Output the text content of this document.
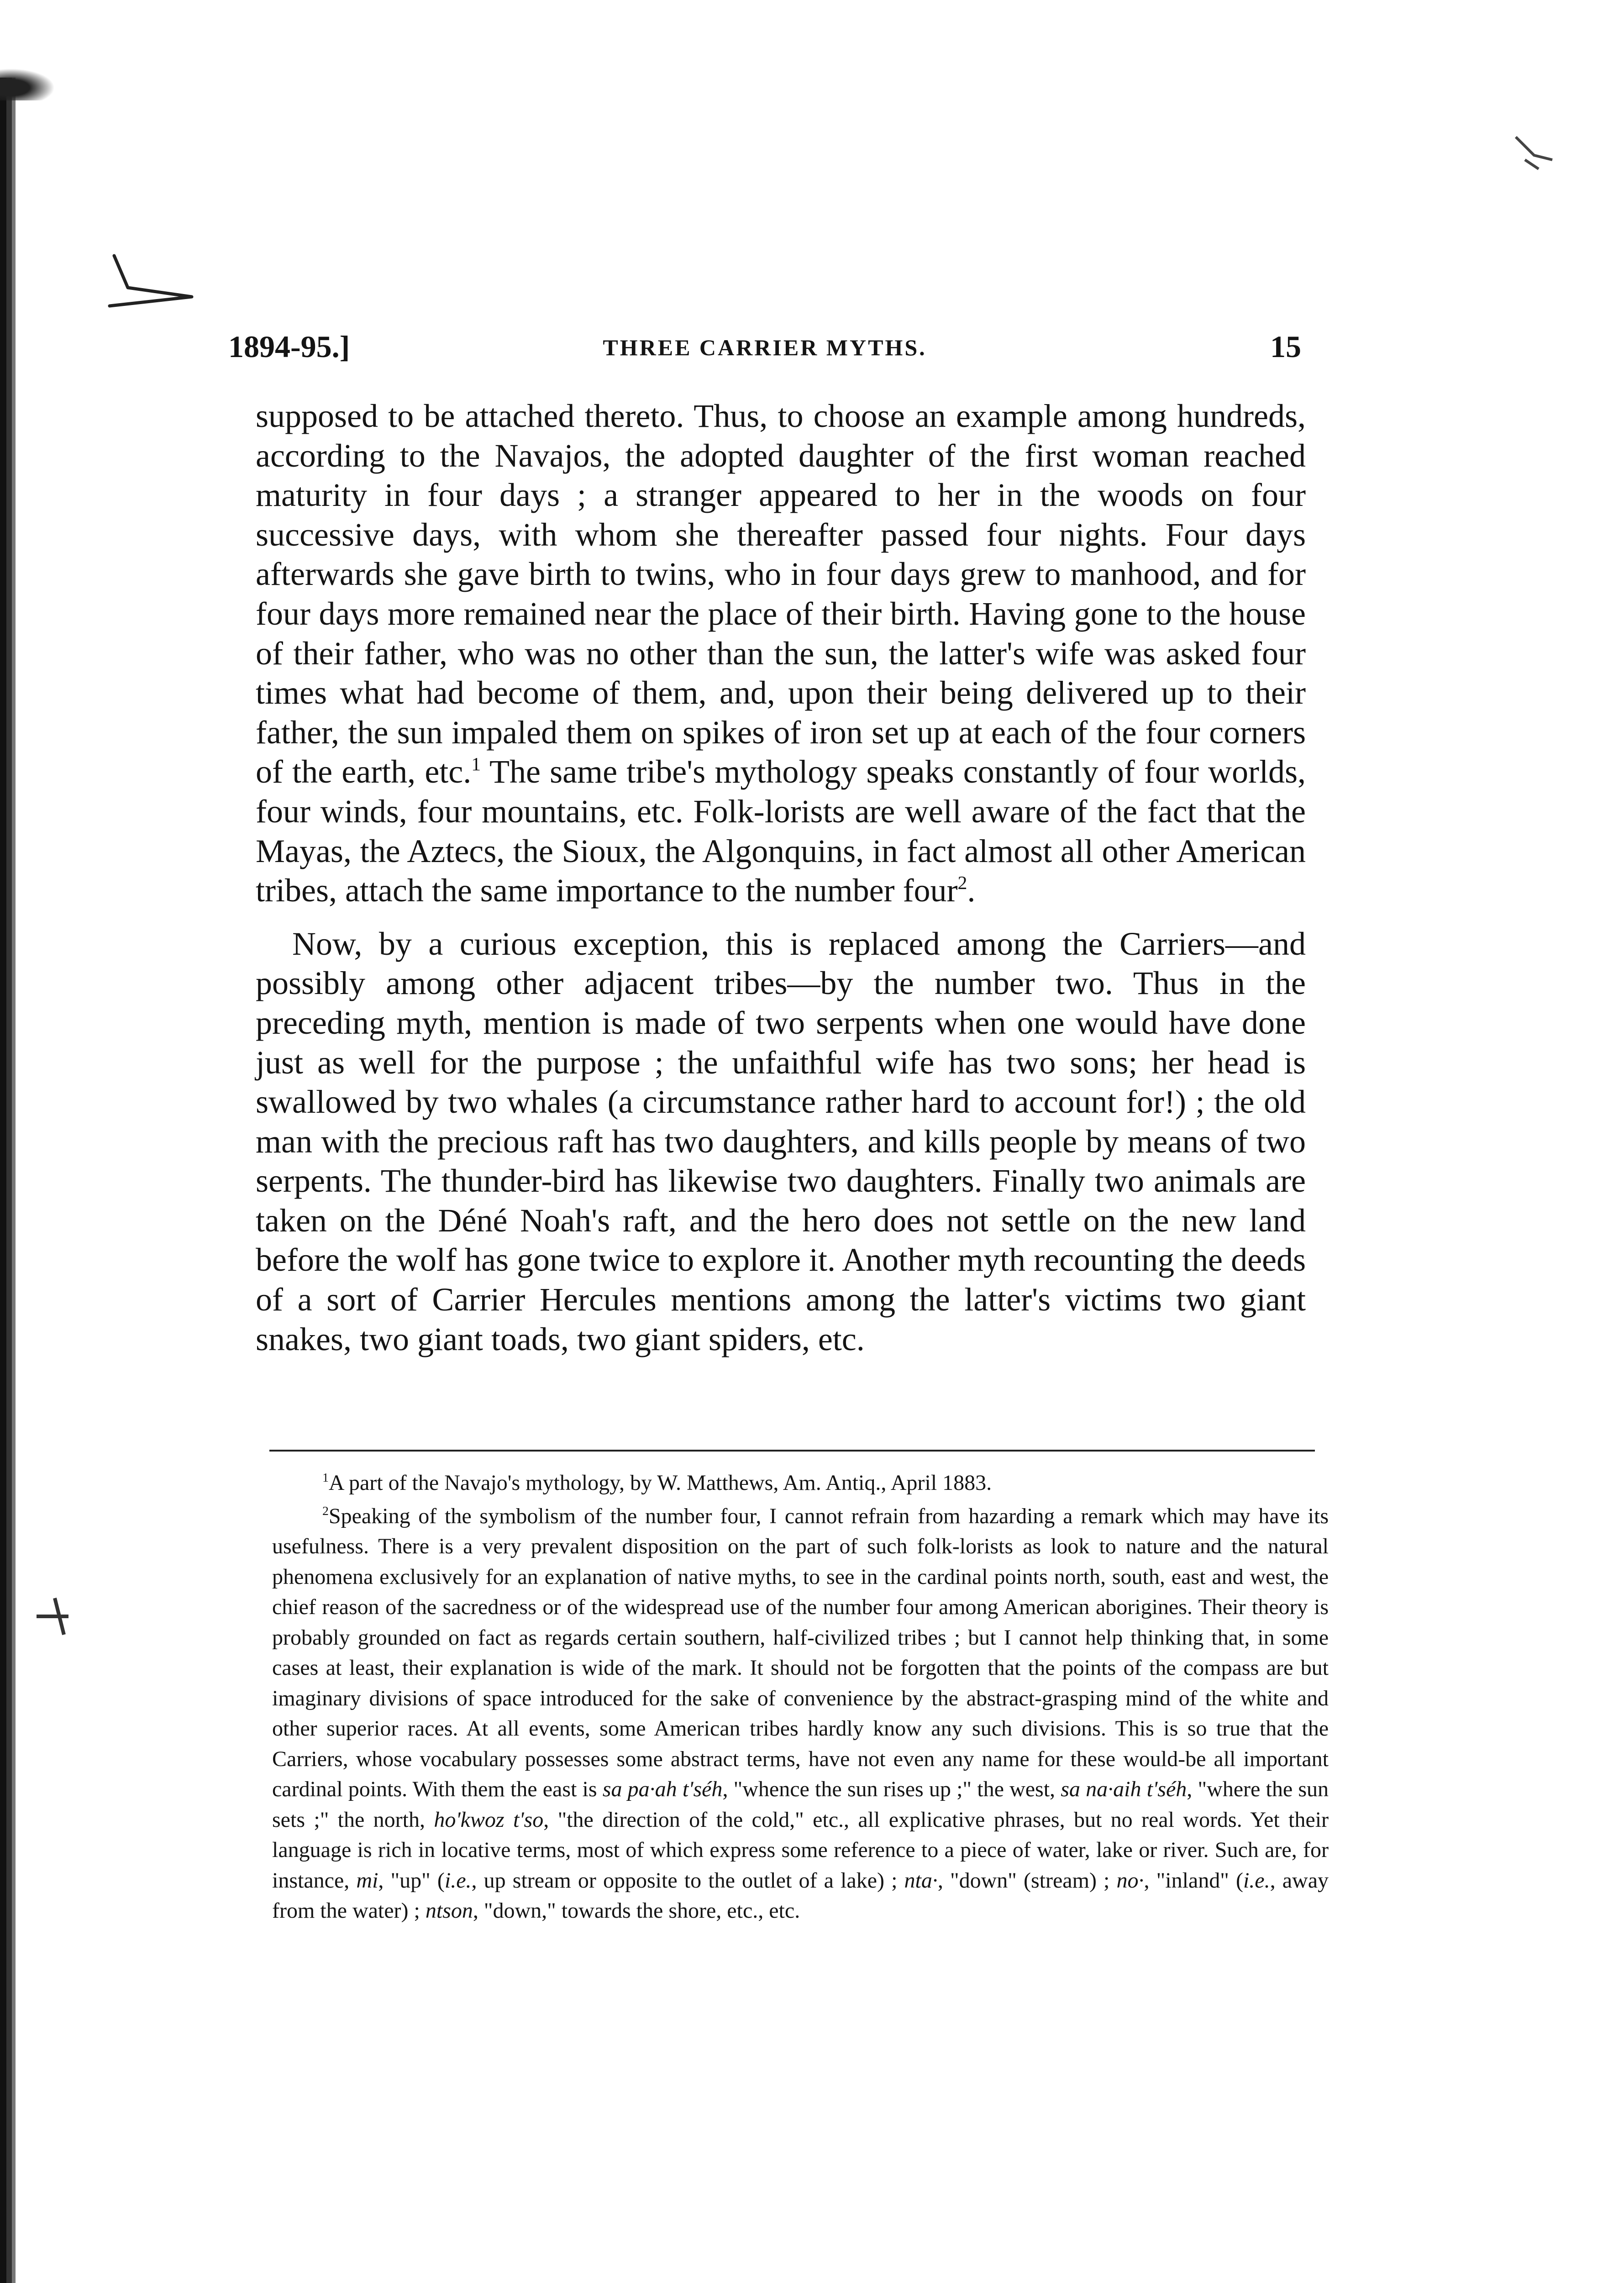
1894-95.]	THREE CARRIER MYTHS.	15

supposed to be attached thereto. Thus, to choose an example among hundreds, according to the Navajos, the adopted daughter of the first woman reached maturity in four days ; a stranger appeared to her in the woods on four successive days, with whom she thereafter passed four nights. Four days afterwards she gave birth to twins, who in four days grew to manhood, and for four days more remained near the place of their birth. Having gone to the house of their father, who was no other than the sun, the latter's wife was asked four times what had become of them, and, upon their being delivered up to their father, the sun impaled them on spikes of iron set up at each of the four corners of the earth, etc.$^1$ The same tribe's mythology speaks constantly of four worlds, four winds, four mountains, etc. Folk-lorists are well aware of the fact that the Mayas, the Aztecs, the Sioux, the Algonquins, in fact almost all other American tribes, attach the same importance to the number four$^2$.

Now, by a curious exception, this is replaced among the Carriers—and possibly among other adjacent tribes—by the number two. Thus in the preceding myth, mention is made of two serpents when one would have done just as well for the purpose ; the unfaithful wife has two sons; her head is swallowed by two whales (a circumstance rather hard to account for!) ; the old man with the precious raft has two daughters, and kills people by means of two serpents. The thunder-bird has likewise two daughters. Finally two animals are taken on the Déné Noah's raft, and the hero does not settle on the new land before the wolf has gone twice to explore it. Another myth recounting the deeds of a sort of Carrier Hercules mentions among the latter's victims two giant snakes, two giant toads, two giant spiders, etc.

$^1$A part of the Navajo's mythology, by W. Matthews, Am. Antiq., April 1883.

$^2$Speaking of the symbolism of the number four, I cannot refrain from hazarding a remark which may have its usefulness. There is a very prevalent disposition on the part of such folk-lorists as look to nature and the natural phenomena exclusively for an explanation of native myths, to see in the cardinal points north, south, east and west, the chief reason of the sacredness or of the widespread use of the number four among American aborigines. Their theory is probably grounded on fact as regards certain southern, half-civilized tribes ; but I cannot help thinking that, in some cases at least, their explanation is wide of the mark. It should not be forgotten that the points of the compass are but imaginary divisions of space introduced for the sake of convenience by the abstract-grasping mind of the white and other superior races. At all events, some American tribes hardly know any such divisions. This is so true that the Carriers, whose vocabulary possesses some abstract terms, have not even any name for these would-be all important cardinal points. With them the east is sa pa·ah t'séh, "whence the sun rises up ;" the west, sa na·aih t'séh, "where the sun sets ;" the north, ho'kwoz t'so, "the direction of the cold," etc., all explicative phrases, but no real words. Yet their language is rich in locative terms, most of which express some reference to a piece of water, lake or river. Such are, for instance, mi, "up" (i.e., up stream or opposite to the outlet of a lake) ; nta·, "down" (stream) ; no·, "inland" (i.e., away from the water) ; ntson, "down," towards the shore, etc., etc.
